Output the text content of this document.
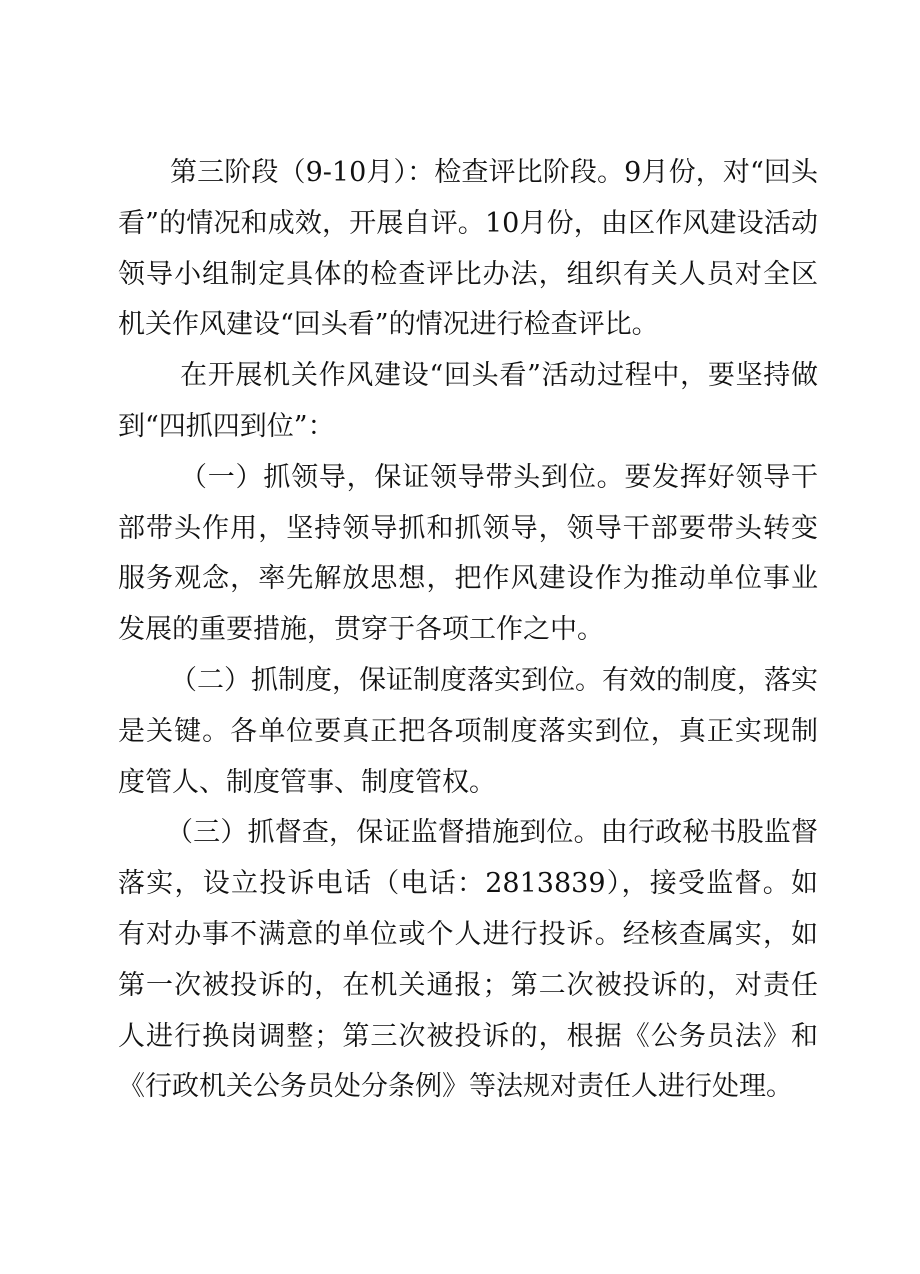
第三阶段（9-10月）：检查评比阶段。9月份，对“回头看”的情况和成效，开展自评。10月份，由区作风建设活动领导小组制定具体的检查评比办法，组织有关人员对全区机关作风建设“回头看”的情况进行检查评比。

在开展机关作风建设“回头看”活动过程中，要坚持做到“四抓四到位”：

（一）抓领导，保证领导带头到位。要发挥好领导干部带头作用，坚持领导抓和抓领导，领导干部要带头转变服务观念，率先解放思想，把作风建设作为推动单位事业发展的重要措施，贯穿于各项工作之中。

（二）抓制度，保证制度落实到位。有效的制度，落实是关键。各单位要真正把各项制度落实到位，真正实现制度管人、制度管事、制度管权。

（三）抓督查，保证监督措施到位。由行政秘书股监督落实，设立投诉电话（电话：2813839），接受监督。如有对办事不满意的单位或个人进行投诉。经核查属实，如第一次被投诉的，在机关通报；第二次被投诉的，对责任人进行换岗调整；第三次被投诉的，根据《公务员法》和《行政机关公务员处分条例》等法规对责任人进行处理。
